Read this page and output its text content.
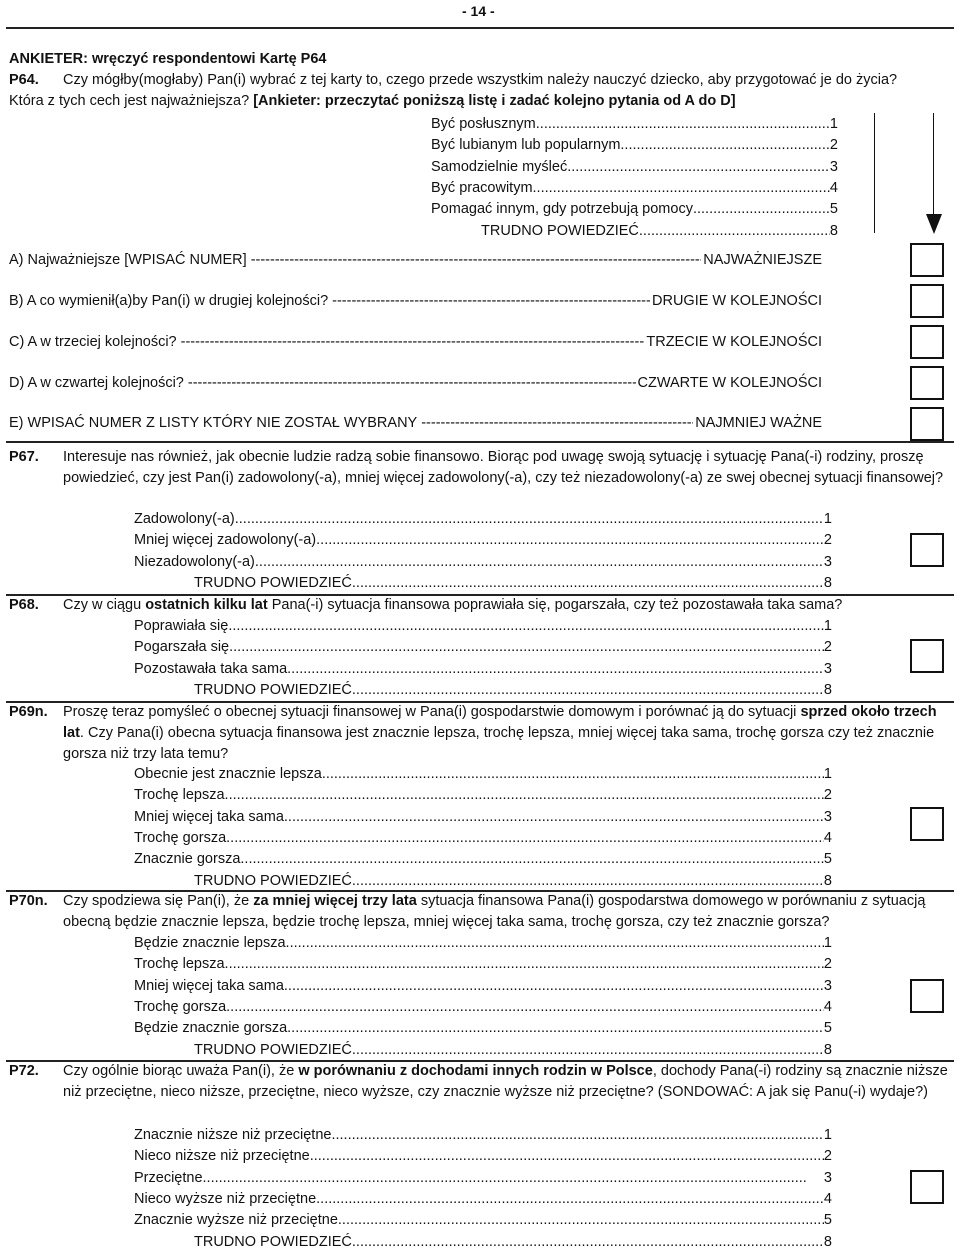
- 14 -
ANKIETER: wręczyć respondentowi Kartę P64
P64. Czy mógłby(mogłaby) Pan(i) wybrać z tej karty to, czego przede wszystkim należy nauczyć dziecko, aby przygotować je do życia?
Która z tych cech jest najważniejsza? [Ankieter: przeczytać poniższą listę i zadać kolejno pytania od A do D]
Być posłusznym .....	1
Być lubianym lub popularnym .....	2
Samodzielnie myśleć .....	3
Być pracowitym .....	4
Pomagać innym, gdy potrzebują pomocy .....	5
TRUDNO POWIEDZIEĆ .....	8
A) Najważniejsze [WPISAĆ NUMER] -----	NAJWAŻNIEJSZE
B) A co wymienił(a)by Pan(i) w drugiej kolejności? -----	DRUGIE W KOLEJNOŚCI
C) A w trzeciej kolejności? -----	TRZECIE W KOLEJNOŚCI
D) A w czwartej kolejności? -----	CZWARTE W KOLEJNOŚCI
E) WPISAĆ NUMER Z LISTY KTÓRY NIE ZOSTAŁ WYBRANY -----	NAJMNIEJ WAŻNE
P67. Interesuje nas również, jak obecnie ludzie radzą sobie finansowo. Biorąc pod uwagę swoją sytuację i sytuację Pana(-i) rodziny, proszę powiedzieć, czy jest Pan(i) zadowolony(-a), mniej więcej zadowolony(-a), czy też niezadowolony(-a) ze swej obecnej sytuacji finansowej?
Zadowolony(-a) .....	1
Mniej więcej zadowolony(-a) .....	2
Niezadowolony(-a) .....	3
TRUDNO POWIEDZIEĆ .....	8
P68. Czy w ciągu ostatnich kilku lat Pana(-i) sytuacja finansowa poprawiała się, pogarszała, czy też pozostawała taka sama?
Poprawiała się .....	1
Pogarszała się .....	2
Pozostawała taka sama .....	3
TRUDNO POWIEDZIEĆ .....	8
P69n. Proszę teraz pomyśleć o obecnej sytuacji finansowej w Pana(i) gospodarstwie domowym i porównać ją do sytuacji sprzed około trzech lat. Czy Pana(i) obecna sytuacja finansowa jest znacznie lepsza, trochę lepsza, mniej więcej taka sama, trochę gorsza czy też znacznie gorsza niż trzy lata temu?
Obecnie jest znacznie lepsza .....	1
Trochę lepsza .....	2
Mniej więcej taka sama .....	3
Trochę gorsza .....	4
Znacznie gorsza .....	5
TRUDNO POWIEDZIEĆ .....	8
P70n. Czy spodziewa się Pan(i), że za mniej więcej trzy lata sytuacja finansowa Pana(i) gospodarstwa domowego w porównaniu z sytuacją obecną będzie znacznie lepsza, będzie trochę lepsza, mniej więcej taka sama, trochę gorsza, czy też znacznie gorsza?
Będzie znacznie lepsza .....	1
Trochę lepsza .....	2
Mniej więcej taka sama .....	3
Trochę gorsza .....	4
Będzie znacznie gorsza .....	5
TRUDNO POWIEDZIEĆ .....	8
P72. Czy ogólnie biorąc uważa Pan(i), że w porównaniu z dochodami innych rodzin w Polsce, dochody Pana(-i) rodziny są znacznie niższe niż przeciętne, nieco niższe, przeciętne, nieco wyższe, czy znacznie wyższe niż przeciętne? (SONDOWAĆ: A jak się Panu(-i) wydaje?)
Znacznie niższe niż przeciętne .....	1
Nieco niższe niż przeciętne .....	2
Przeciętne .....	3
Nieco wyższe niż przeciętne .....	4
Znacznie wyższe niż przeciętne .....	5
TRUDNO POWIEDZIEĆ .....	8
